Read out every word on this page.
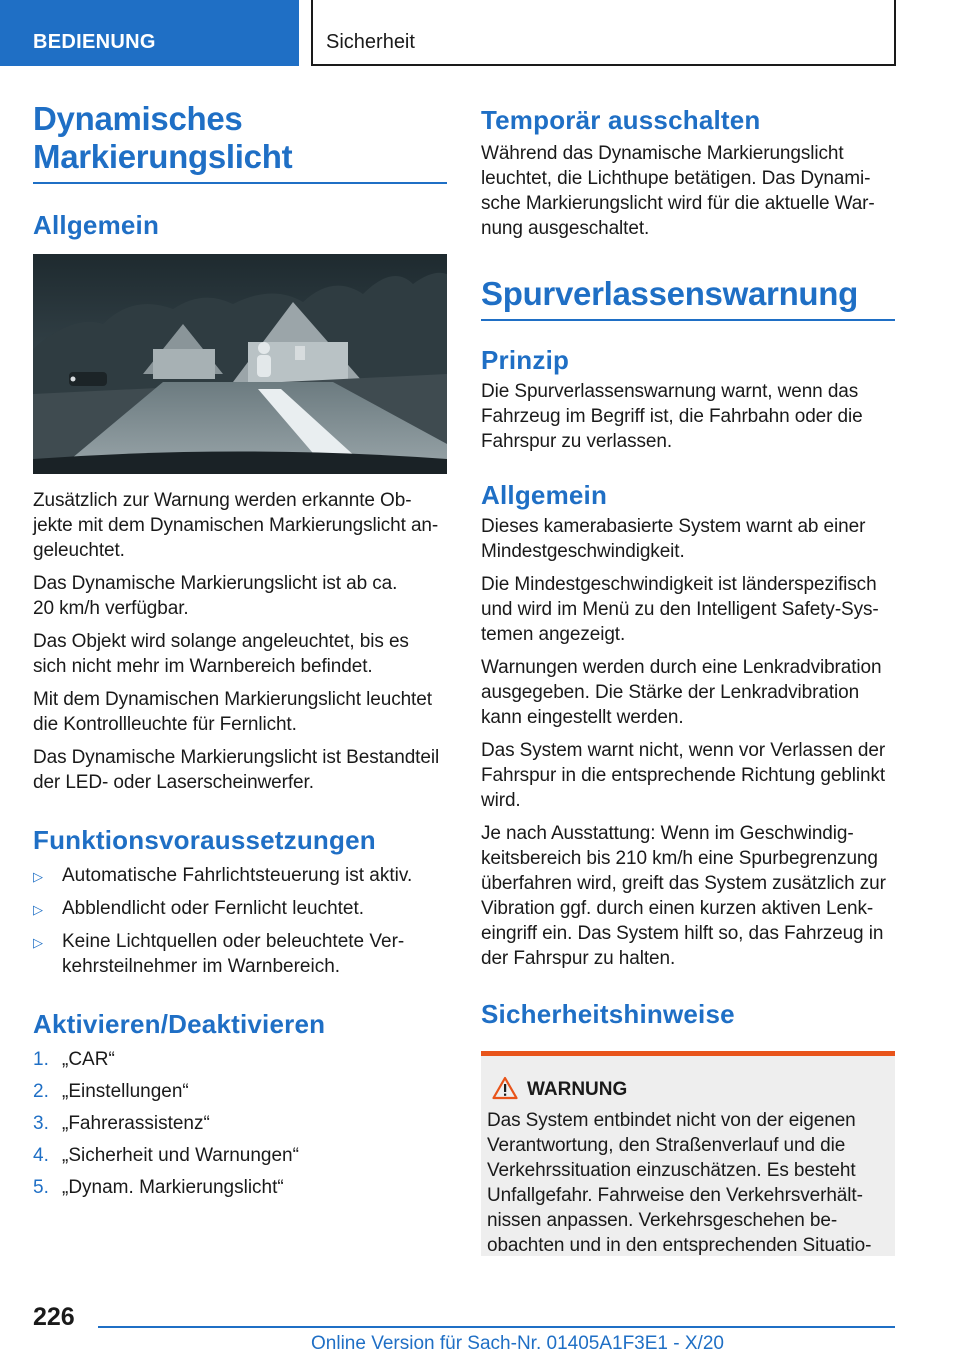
BEDIENUNG	Sicherheit
Dynamisches
Markierungslicht
Allgemein
Zusätzlich zur Warnung werden erkannte Ob-
jekte mit dem Dynamischen Markierungslicht an-
geleuchtet.
Das Dynamische Markierungslicht ist ab ca.
20 km/h verfügbar.
Das Objekt wird solange angeleuchtet, bis es
sich nicht mehr im Warnbereich befindet.
Mit dem Dynamischen Markierungslicht leuchtet
die Kontrollleuchte für Fernlicht.
Das Dynamische Markierungslicht ist Bestandteil
der LED- oder Laserscheinwerfer.
Funktionsvoraussetzungen
▷ Automatische Fahrlichtsteuerung ist aktiv.
▷ Abblendlicht oder Fernlicht leuchtet.
▷ Keine Lichtquellen oder beleuchtete Ver-
kehrsteilnehmer im Warnbereich.
Aktivieren/Deaktivieren
1. „CAR“
2. „Einstellungen“
3. „Fahrerassistenz“
4. „Sicherheit und Warnungen“
5. „Dynam. Markierungslicht“
Temporär ausschalten
Während das Dynamische Markierungslicht
leuchtet, die Lichthupe betätigen. Das Dynami-
sche Markierungslicht wird für die aktuelle War-
nung ausgeschaltet.
Spurverlassenswarnung
Prinzip
Die Spurverlassenswarnung warnt, wenn das
Fahrzeug im Begriff ist, die Fahrbahn oder die
Fahrspur zu verlassen.
Allgemein
Dieses kamerabasierte System warnt ab einer
Mindestgeschwindigkeit.
Die Mindestgeschwindigkeit ist länderspezifisch
und wird im Menü zu den Intelligent Safety-Sys-
temen angezeigt.
Warnungen werden durch eine Lenkradvibration
ausgegeben. Die Stärke der Lenkradvibration
kann eingestellt werden.
Das System warnt nicht, wenn vor Verlassen der
Fahrspur in die entsprechende Richtung geblinkt
wird.
Je nach Ausstattung: Wenn im Geschwindig-
keitsbereich bis 210 km/h eine Spurbegrenzung
überfahren wird, greift das System zusätzlich zur
Vibration ggf. durch einen kurzen aktiven Lenk-
eingriff ein. Das System hilft so, das Fahrzeug in
der Fahrspur zu halten.
Sicherheitshinweise
WARNUNG
Das System entbindet nicht von der eigenen
Verantwortung, den Straßenverlauf und die
Verkehrssituation einzuschätzen. Es besteht
Unfallgefahr. Fahrweise den Verkehrsverhält-
nissen anpassen. Verkehrsgeschehen be-
obachten und in den entsprechenden Situatio-
226
Online Version für Sach-Nr. 01405A1F3E1 - X/20
